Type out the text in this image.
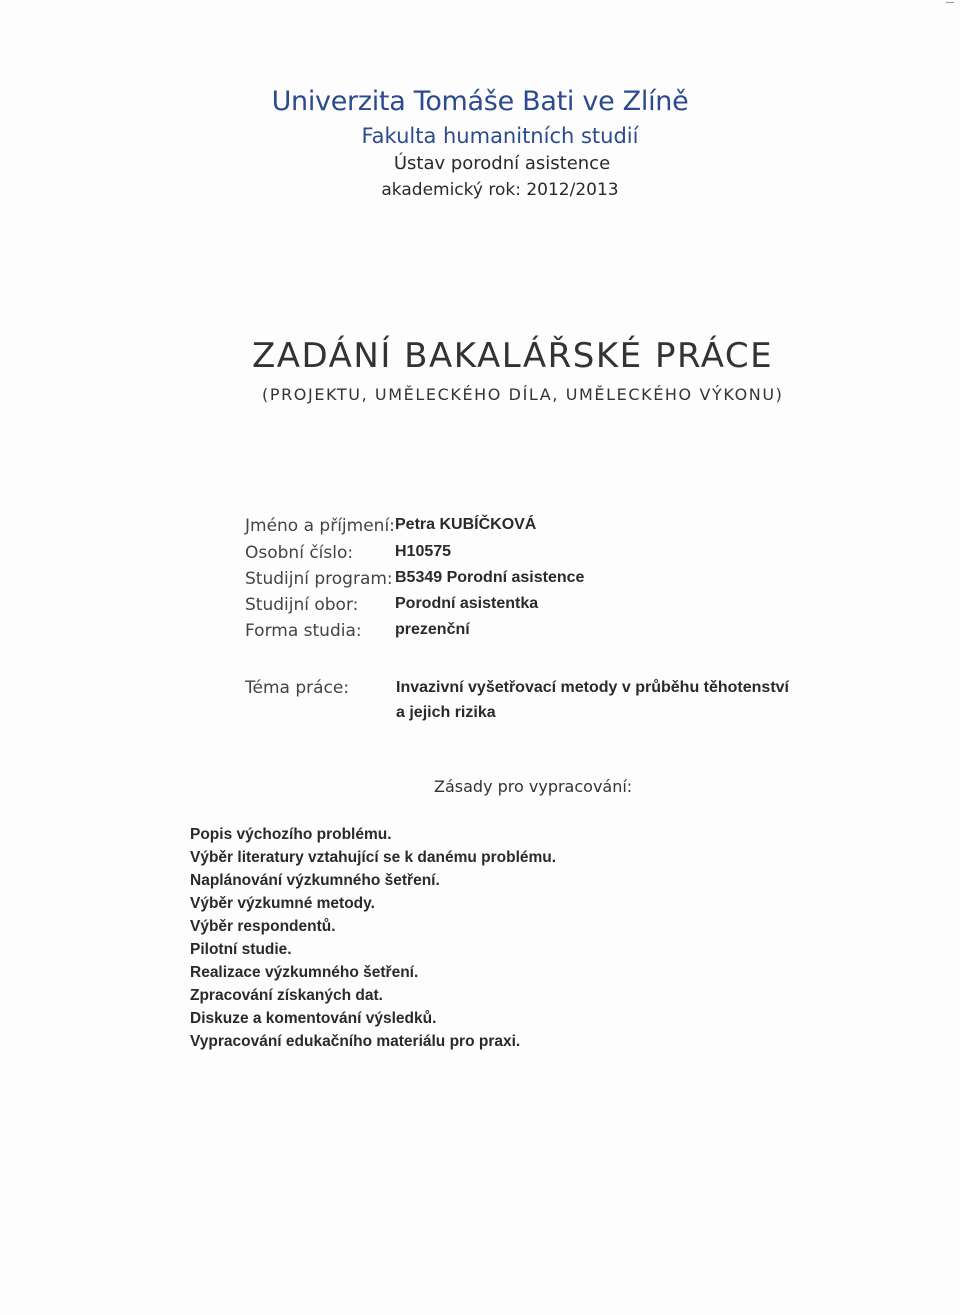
Univerzita Tomáše Bati ve Zlíně
Fakulta humanitních studií
Ústav porodní asistence
akademický rok: 2012/2013
ZADÁNÍ BAKALÁŘSKÉ PRÁCE
(PROJEKTU, UMĚLECKÉHO DÍLA, UMĚLECKÉHO VÝKONU)
Jméno a příjmení: Petra KUBÍČKOVÁ
Osobní číslo:	H10575
Studijní program: B5349 Porodní asistence
Studijní obor: Porodní asistentka
Forma studia: prezenční
Téma práce:	Invazivní vyšetřovací metody v průběhu těhotenství
a jejich rizika
Zásady pro vypracování:
Popis výchozího problému.
Výběr literatury vztahující se k danému problému.
Naplánování výzkumného šetření.
Výběr výzkumné metody.
Výběr respondentů.
Pilotní studie.
Realizace výzkumného šetření.
Zpracování získaných dat.
Diskuze a komentování výsledků.
Vypracování edukačního materiálu pro praxi.
